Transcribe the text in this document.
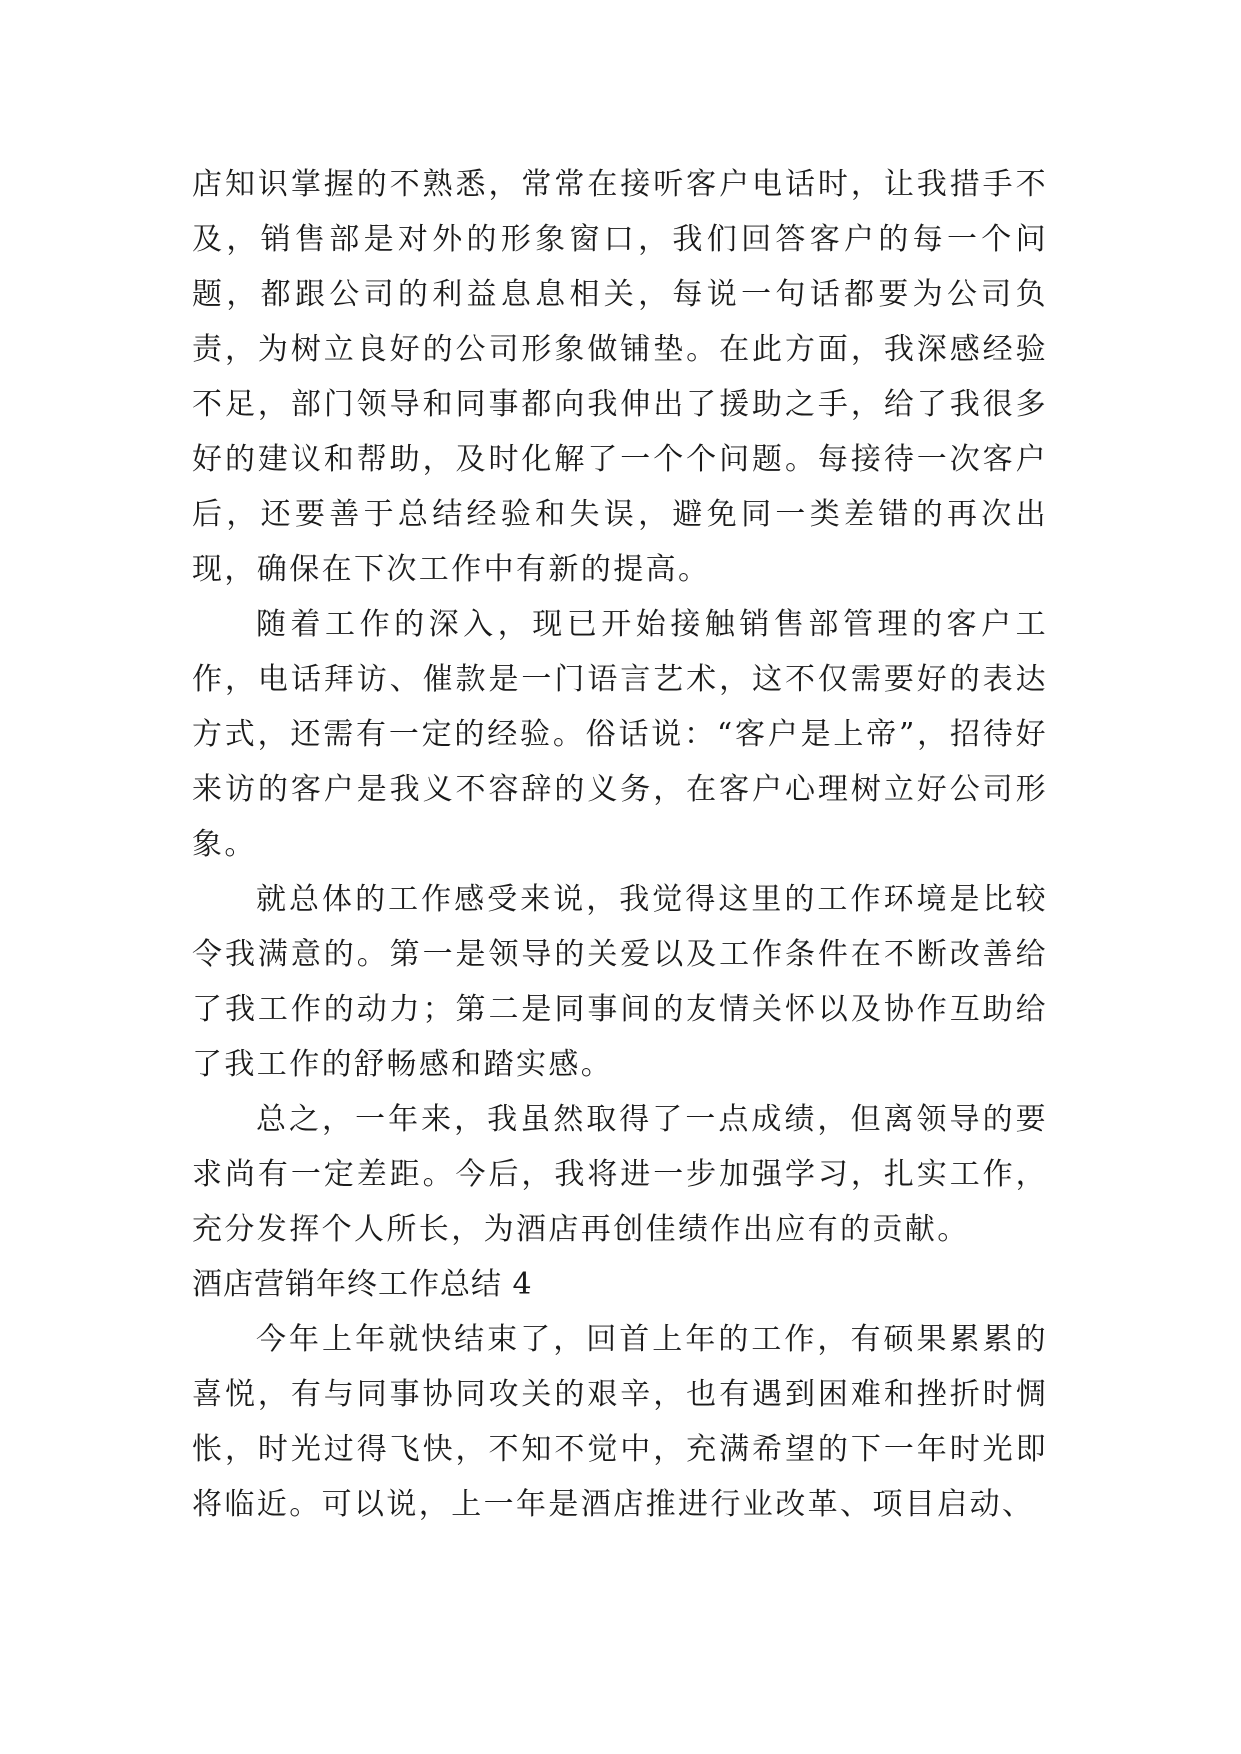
店知识掌握的不熟悉，常常在接听客户电话时，让我措手不及，销售部是对外的形象窗口，我们回答客户的每一个问题，都跟公司的利益息息相关，每说一句话都要为公司负责，为树立良好的公司形象做铺垫。在此方面，我深感经验不足，部门领导和同事都向我伸出了援助之手，给了我很多好的建议和帮助，及时化解了一个个问题。每接待一次客户后，还要善于总结经验和失误，避免同一类差错的再次出现，确保在下次工作中有新的提高。

随着工作的深入，现已开始接触销售部管理的客户工作，电话拜访、催款是一门语言艺术，这不仅需要好的表达方式，还需有一定的经验。俗话说：“客户是上帝”，招待好来访的客户是我义不容辞的义务，在客户心理树立好公司形象。

就总体的工作感受来说，我觉得这里的工作环境是比较令我满意的。第一是领导的关爱以及工作条件在不断改善给了我工作的动力；第二是同事间的友情关怀以及协作互助给了我工作的舒畅感和踏实感。

总之，一年来，我虽然取得了一点成绩，但离领导的要求尚有一定差距。今后，我将进一步加强学习，扎实工作，充分发挥个人所长，为酒店再创佳绩作出应有的贡献。

酒店营销年终工作总结 4

今年上年就快结束了，回首上年的工作，有硕果累累的喜悦，有与同事协同攻关的艰辛，也有遇到困难和挫折时惆怅，时光过得飞快，不知不觉中，充满希望的下一年时光即将临近。可以说，上一年是酒店推进行业改革、项目启动、
